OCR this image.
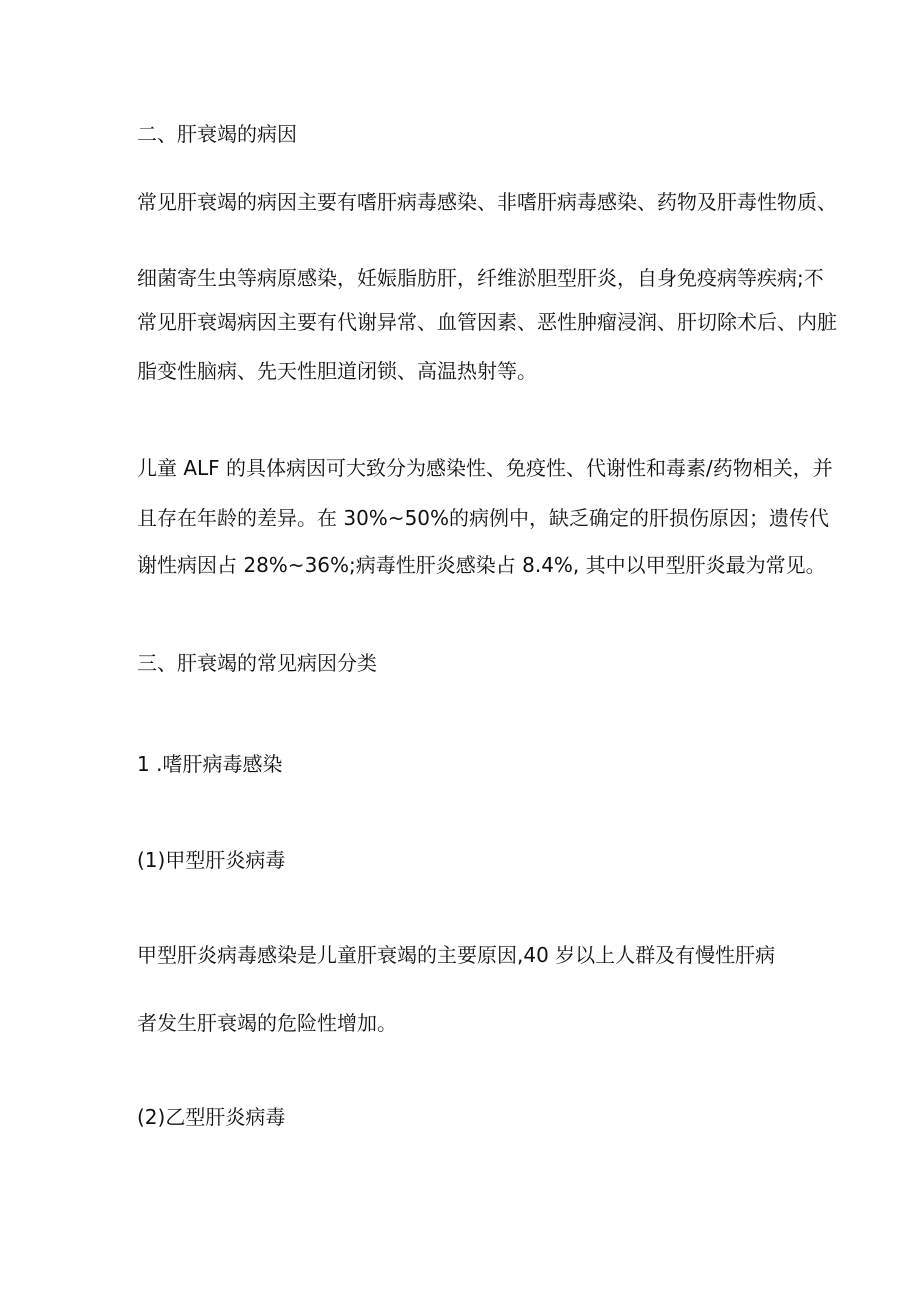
二、肝衰竭的病因
常见肝衰竭的病因主要有嗜肝病毒感染、非嗜肝病毒感染、药物及肝毒性物质、
细菌寄生虫等病原感染，妊娠脂肪肝，纤维淤胆型肝炎，自身免疫病等疾病;不
常见肝衰竭病因主要有代谢异常、血管因素、恶性肿瘤浸润、肝切除术后、内脏
脂变性脑病、先天性胆道闭锁、高温热射等。
儿童 ALF 的具体病因可大致分为感染性、免疫性、代谢性和毒素/药物相关，并
且存在年龄的差异。在 30%~50%的病例中，缺乏确定的肝损伤原因；遗传代
谢性病因占 28%~36%;病毒性肝炎感染占 8.4%, 其中以甲型肝炎最为常见。
三、肝衰竭的常见病因分类
1 .嗜肝病毒感染
(1)甲型肝炎病毒
甲型肝炎病毒感染是儿童肝衰竭的主要原因,40 岁以上人群及有慢性肝病
者发生肝衰竭的危险性增加。
(2)乙型肝炎病毒
